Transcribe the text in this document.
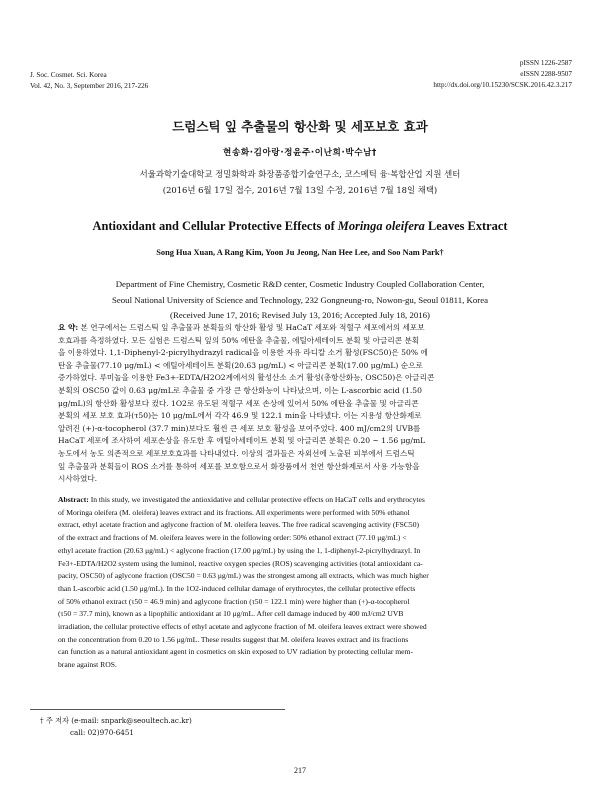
J. Soc. Cosmet. Sci. Korea
Vol. 42, No. 3, September 2016, 217-226
pISSN 1226-2587
eISSN 2288-9507
http://dx.doi.org/10.15230/SCSK.2016.42.3.217
드럼스틱 잎 추출물의 항산화 및 세포보호 효과
현송화·김아랑·정윤주·이난희·박수남†
서울과학기술대학교 정밀화학과 화장품종합기술연구소, 코스메틱 융·복합산업 지원 센터
(2016년 6월 17일 접수, 2016년 7월 13일 수정, 2016년 7월 18일 채택)
Antioxidant and Cellular Protective Effects of Moringa oleifera Leaves Extract
Song Hua Xuan, A Rang Kim, Yoon Ju Jeong, Nan Hee Lee, and Soo Nam Park†
Department of Fine Chemistry, Cosmetic R&D center, Cosmetic Industry Coupled Collaboration Center,
Seoul National University of Science and Technology, 232 Gongneung-ro, Nowon-gu, Seoul 01811, Korea
(Received June 17, 2016; Revised July 13, 2016; Accepted July 18, 2016)
요 약: 본 연구에서는 드럼스틱 잎 추출물과 분획들의 항산화 활성 및 HaCaT 세포와 적혈구 세포에서의 세포보
호효과를 측정하였다. 모든 실험은 드럼스틱 잎의 50% 에탄올 추출물, 에틸아세테이트 분획 및 아글리콘 분획
을 이용하였다. 1,1-Diphenyl-2-picrylhydrazyl radical을 이용한 자유 라디칼 소거 활성(FSC50)은 50% 에
탄올 추출물(77.10 μg/mL) < 에틸아세테이트 분획(20.63 μg/mL) < 아글리콘 분획(17.00 μg/mL) 순으로
증가하였다. 루미놀을 이용한 Fe3+-EDTA/H2O2계에서의 활성산소 소거 활성(총항산화능, OSC50)은 아글리콘
분획의 OSC50 값이 0.63 μg/mL로 추출물 중 가장 큰 항산화능이 나타났으며, 이는 L-ascorbic acid (1.50
μg/mL)의 항산화 활성보다 컸다. 1O2로 유도된 적혈구 세포 손상에 있어서 50% 에탄올 추출물 및 아글리콘
분획의 세포 보호 효과(τ50)는 10 μg/mL에서 각각 46.9 및 122.1 min을 나타냈다. 이는 지용성 항산화제로
알려진 (+)-α-tocopherol (37.7 min)보다도 훨씬 큰 세포 보호 활성을 보여주었다. 400 mJ/cm2의 UVB를
HaCaT 세포에 조사하여 세포손상을 유도한 후 에틸아세테이트 분획 및 아글리콘 분획은 0.20 ~ 1.56 μg/mL
농도에서 농도 의존적으로 세포보호효과를 나타내었다. 이상의 결과들은 자외선에 노출된 피부에서 드럼스틱
잎 추출물과 분획들이 ROS 소거를 통하여 세포를 보호함으로서 화장품에서 천연 항산화제로서 사용 가능함을
시사하였다.
Abstract: In this study, we investigated the antioxidative and cellular protective effects on HaCaT cells and erythrocytes
of Moringa oleifera (M. oleifera) leaves extract and its fractions. All experiments were performed with 50% ethanol
extract, ethyl acetate fraction and aglycone fraction of M. oleifera leaves. The free radical scavenging activity (FSC50)
of the extract and fractions of M. oleifera leaves were in the following order: 50% ethanol extract (77.10 μg/mL) <
ethyl acetate fraction (20.63 μg/mL) < aglycone fraction (17.00 μg/mL) by using the 1, 1-diphenyl-2-picrylhydrazyl. In
Fe3+-EDTA/H2O2 system using the luminol, reactive oxygen species (ROS) scavenging activities (total antioxidant ca-
pacity, OSC50) of aglycone fraction (OSC50 = 0.63 μg/mL) was the strongest among all extracts, which was much higher
than L-ascorbic acid (1.50 μg/mL). In the 1O2-induced cellular damage of erythrocytes, the cellular protective effects
of 50% ethanol extract (τ50 = 46.9 min) and aglycone fraction (τ50 = 122.1 min) were higher than (+)-α-tocopherol
(τ50 = 37.7 min), known as a lipophilic antioxidant at 10 μg/mL. After cell damage induced by 400 mJ/cm2 UVB
irradiation, the cellular protective effects of ethyl acetate and aglycone fraction of M. oleifera leaves extract were showed
on the concentration from 0.20 to 1.56 μg/mL. These results suggest that M. oleifera leaves extract and its fractions
can function as a natural antioxidant agent in cosmetics on skin exposed to UV radiation by protecting cellular mem-
brane against ROS.
† 주 저자 (e-mail: snpark@seoultech.ac.kr)
call: 02)970-6451
217
